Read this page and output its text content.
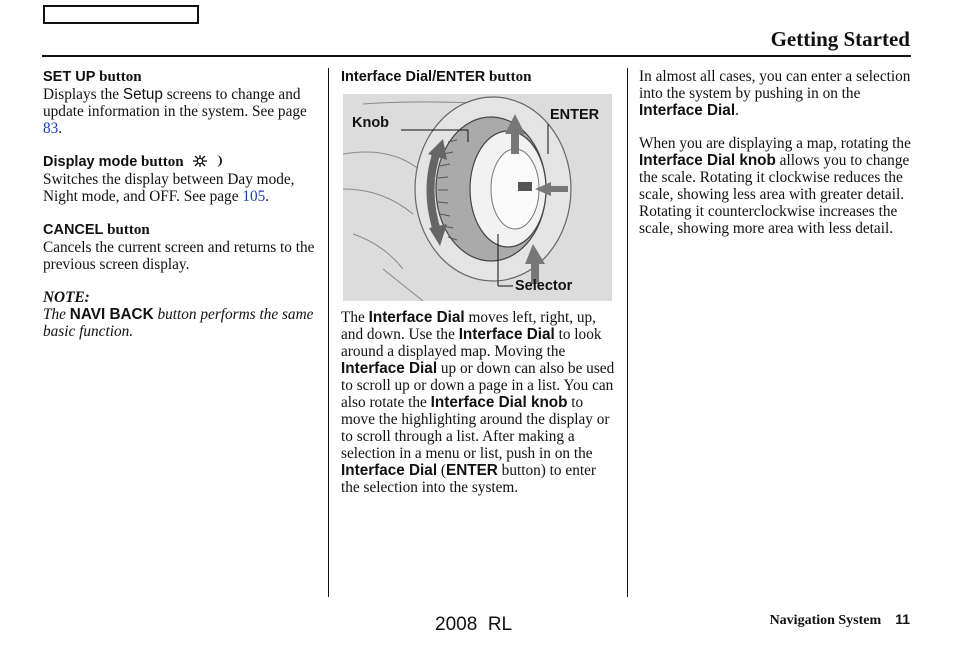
Getting Started
SET UP button

Displays the Setup screens to change and update information in the system. See page 83.

Display mode button

Switches the display between Day mode, Night mode, and OFF. See page 105.

CANCEL button

Cancels the current screen and returns to the previous screen display.

NOTE:

The NAVI BACK button performs the same basic function.

Interface Dial/ENTER button
Knob	ENTER
Selector

The Interface Dial moves left, right, up, and down. Use the Interface Dial to look around a displayed map. Moving the Interface Dial up or down can also be used to scroll up or down a page in a list. You can also rotate the Interface Dial knob to move the highlighting around the display or to scroll through a list. After making a selection in a menu or list, push in on the Interface Dial (ENTER button) to enter the selection into the system.

In almost all cases, you can enter a selection into the system by pushing in on the Interface Dial.

When you are displaying a map, rotating the Interface Dial knob allows you to change the scale. Rotating it clockwise reduces the scale, showing less area with greater detail. Rotating it counterclockwise increases the scale, showing more area with less detail.

Navigation System 11
2008  RL
